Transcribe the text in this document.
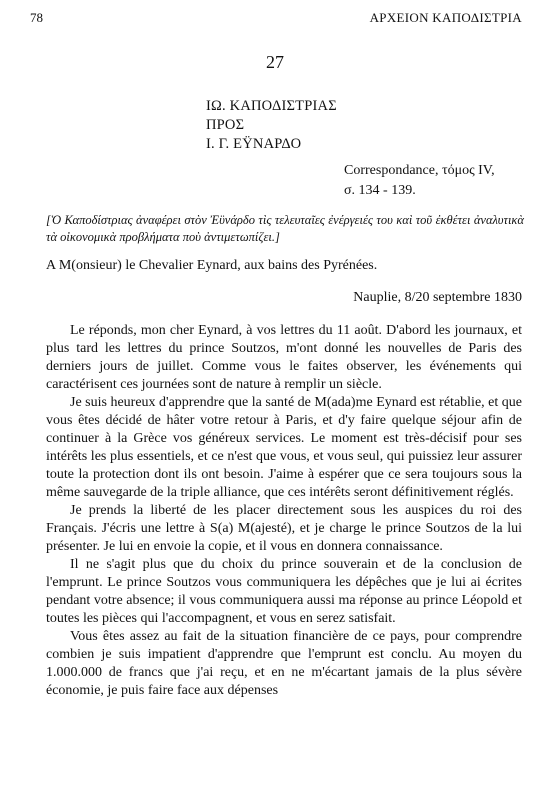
78	ΑΡΧΕΙΟΝ ΚΑΠΟΔΙΣΤΡΙΑ
27
ΙΩ. ΚΑΠΟΔΙΣΤΡΙΑΣ
ΠΡΟΣ
Ι. Γ. ΕΫΝΑΡΔΟ
Correspondance, τόμος IV,
σ. 134 - 139.
[Ὁ Καποδίστριας ἀναφέρει στὸν Ἐϋνάρδο τὶς τελευταῖες ἐνέργειές του καὶ τοῦ ἐκθέτει ἀναλυτικὰ τὰ οἰκονομικὰ προβλήματα ποὺ ἀντιμετωπίζει.]
A M(onsieur) le Chevalier Eynard, aux bains des Pyrénées.
Nauplie, 8/20 septembre 1830

Le réponds, mon cher Eynard, à vos lettres du 11 août. D'abord les journaux, et plus tard les lettres du prince Soutzos, m'ont donné les nouvelles de Paris des derniers jours de juillet. Comme vous le faites observer, les événements qui caractérisent ces journées sont de nature à remplir un siècle.

Je suis heureux d'apprendre que la santé de M(ada)me Eynard est rétablie, et que vous êtes décidé de hâter votre retour à Paris, et d'y faire quelque séjour afin de continuer à la Grèce vos généreux services. Le moment est très-décisif pour ses intérêts les plus essentiels, et ce n'est que vous, et vous seul, qui puissiez leur assurer toute la protection dont ils ont besoin. J'aime à espérer que ce sera toujours sous la même sauvegarde de la triple alliance, que ces intérêts seront définitivement réglés.

Je prends la liberté de les placer directement sous les auspices du roi des Français. J'écris une lettre à S(a) M(ajesté), et je charge le prince Soutzos de la lui présenter. Je lui en envoie la copie, et il vous en donnera connaissance.

Il ne s'agit plus que du choix du prince souverain et de la conclusion de l'emprunt. Le prince Soutzos vous communiquera les dépêches que je lui ai écrites pendant votre absence; il vous communiquera aussi ma réponse au prince Léopold et toutes les pièces qui l'accompagnent, et vous en serez satisfait.

Vous êtes assez au fait de la situation financière de ce pays, pour comprendre combien je suis impatient d'apprendre que l'emprunt est conclu. Au moyen du 1.000.000 de francs que j'ai reçu, et en ne m'écartant jamais de la plus sévère économie, je puis faire face aux dépenses
